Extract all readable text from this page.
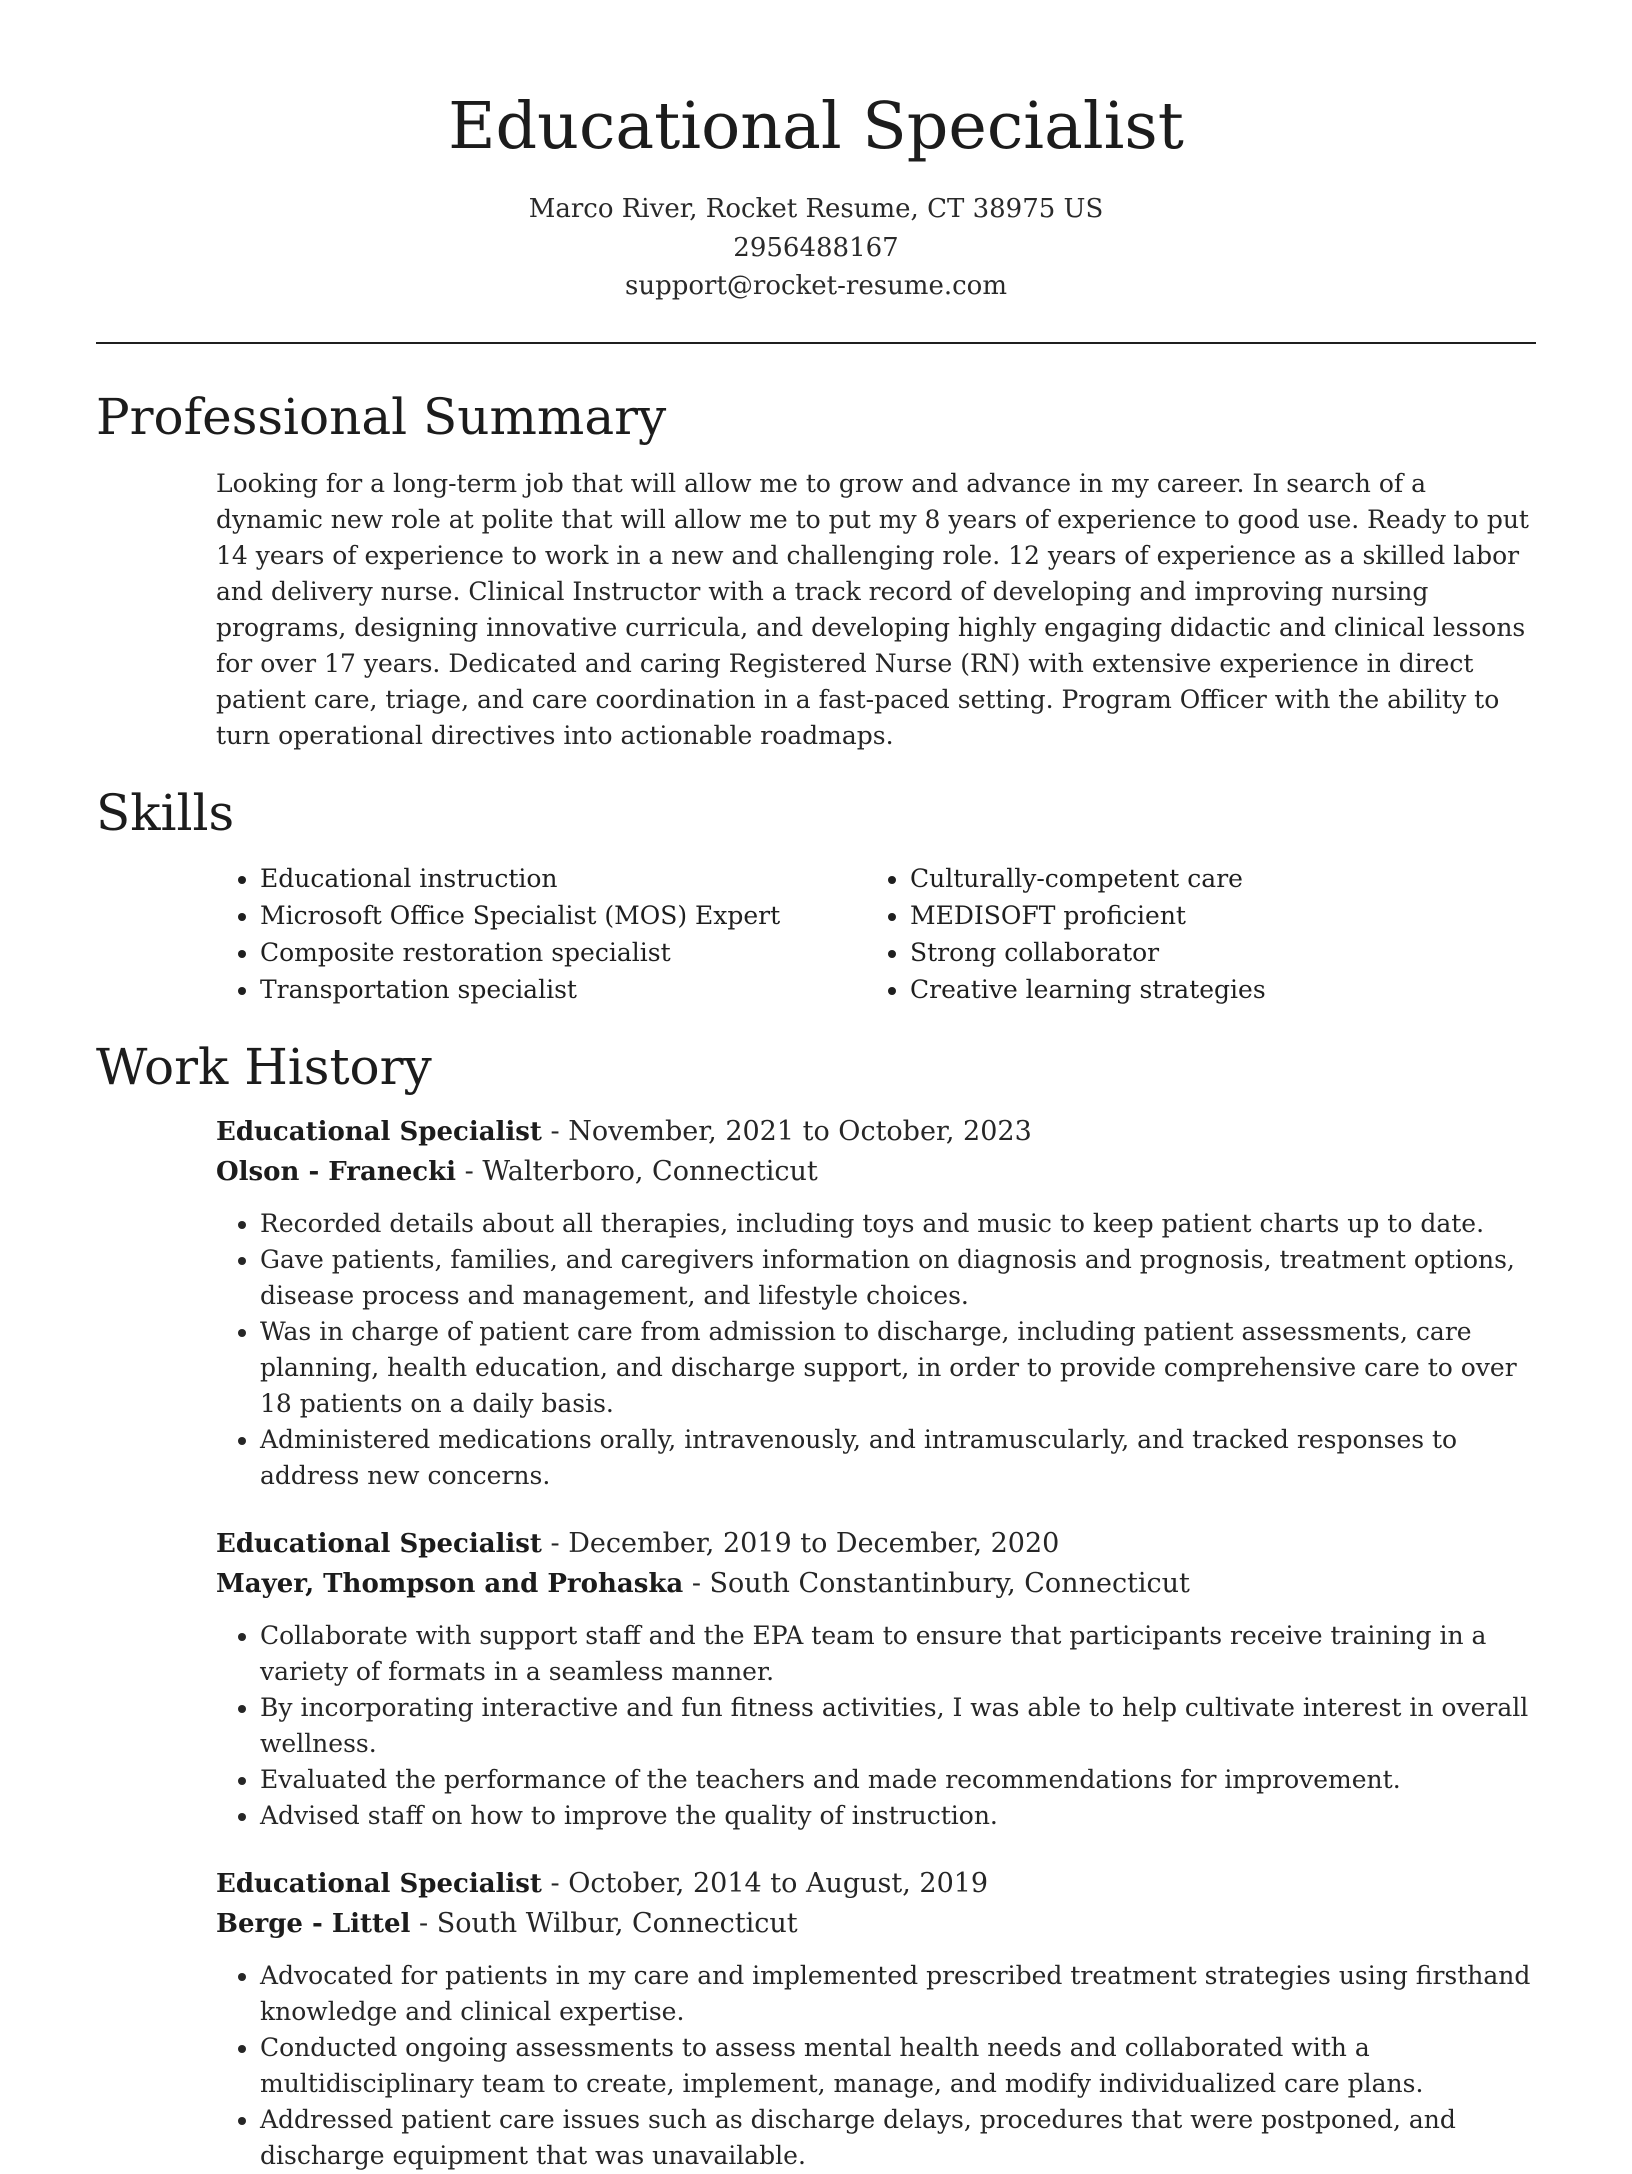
Educational Specialist
Marco River, Rocket Resume, CT 38975 US
2956488167
support@rocket-resume.com
Professional Summary

Looking for a long-term job that will allow me to grow and advance in my career. In search of a dynamic new role at polite that will allow me to put my 8 years of experience to good use. Ready to put 14 years of experience to work in a new and challenging role. 12 years of experience as a skilled labor and delivery nurse. Clinical Instructor with a track record of developing and improving nursing programs, designing innovative curricula, and developing highly engaging didactic and clinical lessons for over 17 years. Dedicated and caring Registered Nurse (RN) with extensive experience in direct patient care, triage, and care coordination in a fast-paced setting. Program Officer with the ability to turn operational directives into actionable roadmaps.

Skills
• Educational instruction
• Microsoft Office Specialist (MOS) Expert
• Composite restoration specialist
• Transportation specialist
• Culturally-competent care
• MEDISOFT proficient
• Strong collaborator
• Creative learning strategies
Work History
Educational Specialist - November, 2021 to October, 2023
Olson - Franecki - Walterboro, Connecticut
• Recorded details about all therapies, including toys and music to keep patient charts up to date.
• Gave patients, families, and caregivers information on diagnosis and prognosis, treatment options, disease process and management, and lifestyle choices.
• Was in charge of patient care from admission to discharge, including patient assessments, care planning, health education, and discharge support, in order to provide comprehensive care to over 18 patients on a daily basis.
• Administered medications orally, intravenously, and intramuscularly, and tracked responses to address new concerns.
Educational Specialist - December, 2019 to December, 2020
Mayer, Thompson and Prohaska - South Constantinbury, Connecticut
• Collaborate with support staff and the EPA team to ensure that participants receive training in a variety of formats in a seamless manner.
• By incorporating interactive and fun fitness activities, I was able to help cultivate interest in overall wellness.
• Evaluated the performance of the teachers and made recommendations for improvement.
• Advised staff on how to improve the quality of instruction.
Educational Specialist - October, 2014 to August, 2019
Berge - Littel - South Wilbur, Connecticut
• Advocated for patients in my care and implemented prescribed treatment strategies using firsthand knowledge and clinical expertise.
• Conducted ongoing assessments to assess mental health needs and collaborated with a multidisciplinary team to create, implement, manage, and modify individualized care plans.
• Addressed patient care issues such as discharge delays, procedures that were postponed, and discharge equipment that was unavailable.
